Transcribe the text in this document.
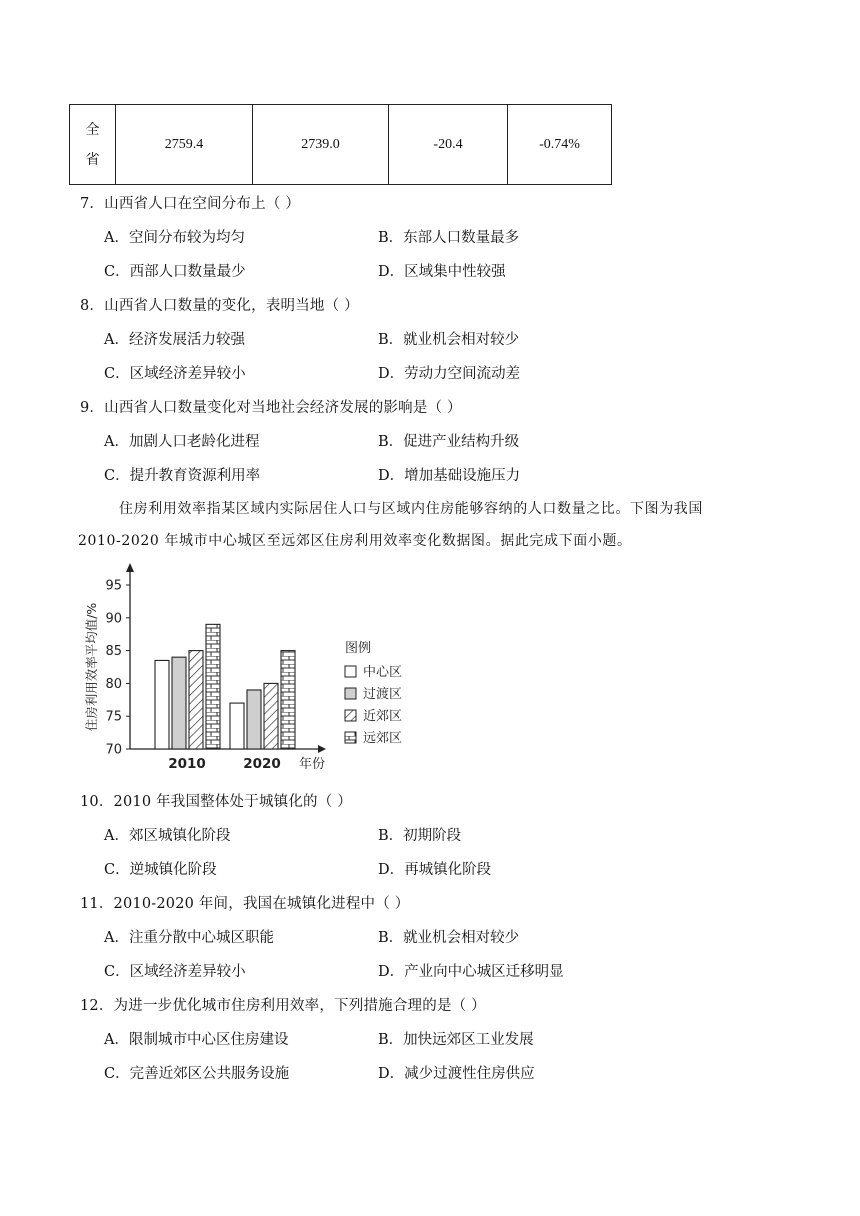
全
省
	2759.4	2739.0	-20.4	-0.74%
7．山西省人口在空间分布上（ ）
A．空间分布较为均匀	B．东部人口数量最多
C．西部人口数量最少	D．区域集中性较强
8．山西省人口数量的变化，表明当地（ ）
A．经济发展活力较强	B．就业机会相对较少
C．区域经济差异较小	D．劳动力空间流动差
9．山西省人口数量变化对当地社会经济发展的影响是（ ）
A．加剧人口老龄化进程	B．促进产业结构升级
C．提升教育资源利用率	D．增加基础设施压力
住房利用效率指某区域内实际居住人口与区域内住房能够容纳的人口数量之比。下图为我国
2010-2020 年城市中心城区至远郊区住房利用效率变化数据图。据此完成下面小题。
70
75
80
85
90
95
住房利用效率平均值/%
2010	2020 年份
图例
中心区
过渡区
近郊区
远郊区
10．2010 年我国整体处于城镇化的（ ）
A．郊区城镇化阶段	B．初期阶段
C．逆城镇化阶段	D．再城镇化阶段
11．2010-2020 年间，我国在城镇化进程中（ ）
A．注重分散中心城区职能	B．就业机会相对较少
C．区域经济差异较小	D．产业向中心城区迁移明显
12．为进一步优化城市住房利用效率，下列措施合理的是（ ）
A．限制城市中心区住房建设	B．加快远郊区工业发展
C．完善近郊区公共服务设施	D．减少过渡性住房供应
